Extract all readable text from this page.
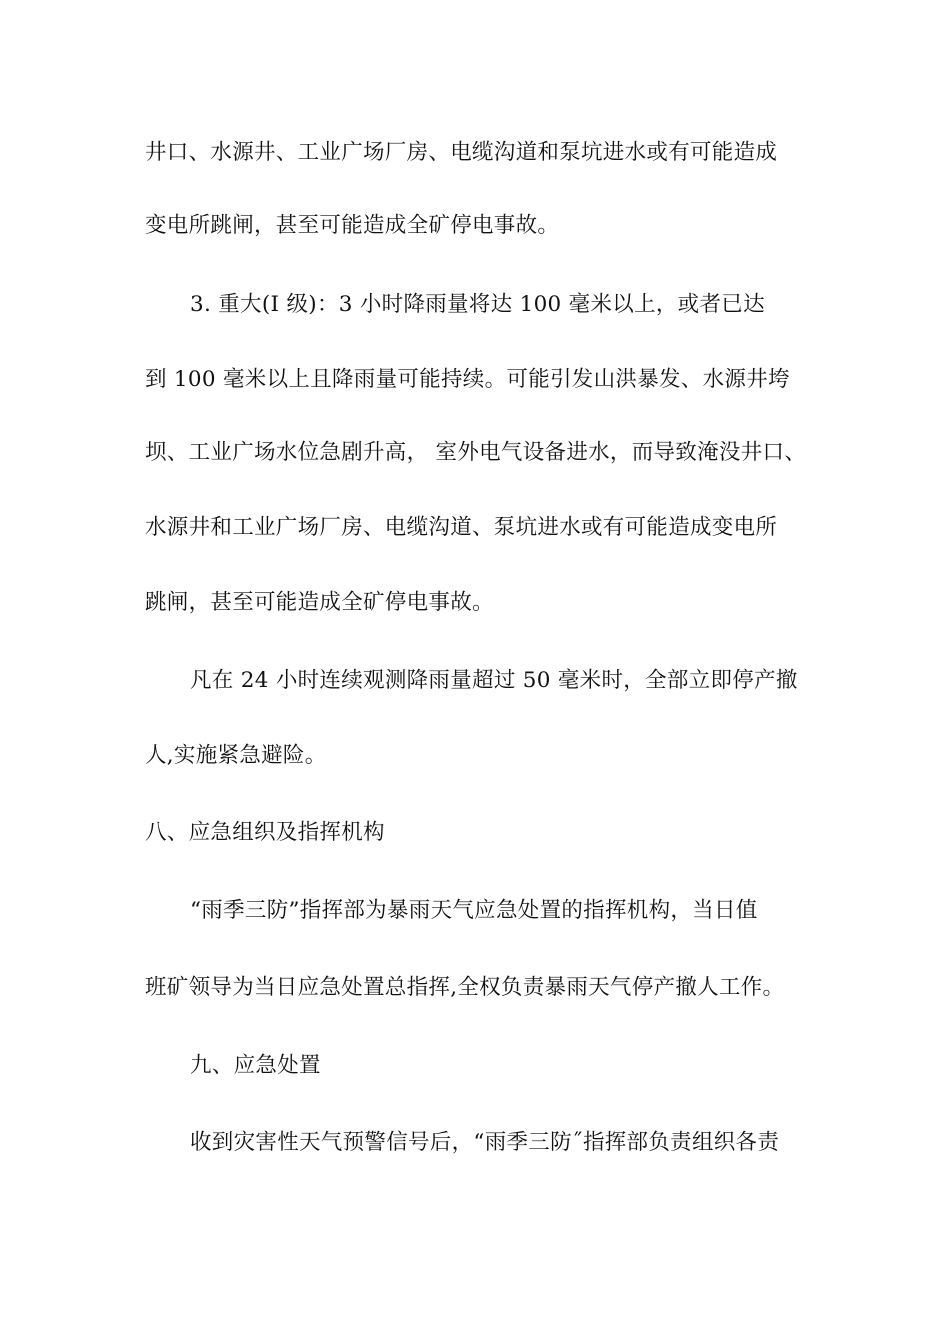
井口、水源井、工业广场厂房、电缆沟道和泵坑进水或有可能造成
变电所跳闸，甚至可能造成全矿停电事故。
3. 重大(Ⅰ 级)：3 小时降雨量将达 100 毫米以上，或者已达
到 100 毫米以上且降雨量可能持续。可能引发山洪暴发、水源井垮
坝、工业广场水位急剧升高， 室外电气设备进水，而导致淹没井口、
水源井和工业广场厂房、电缆沟道、泵坑进水或有可能造成变电所
跳闸，甚至可能造成全矿停电事故。
凡在 24 小时连续观测降雨量超过 50 毫米时，全部立即停产撤
人,实施紧急避险。
八、应急组织及指挥机构
“雨季三防”指挥部为暴雨天气应急处置的指挥机构，当日值
班矿领导为当日应急处置总指挥,全权负责暴雨天气停产撤人工作。
九、应急处置
收到灾害性天气预警信号后，“雨季三防˝指挥部负责组织各责
